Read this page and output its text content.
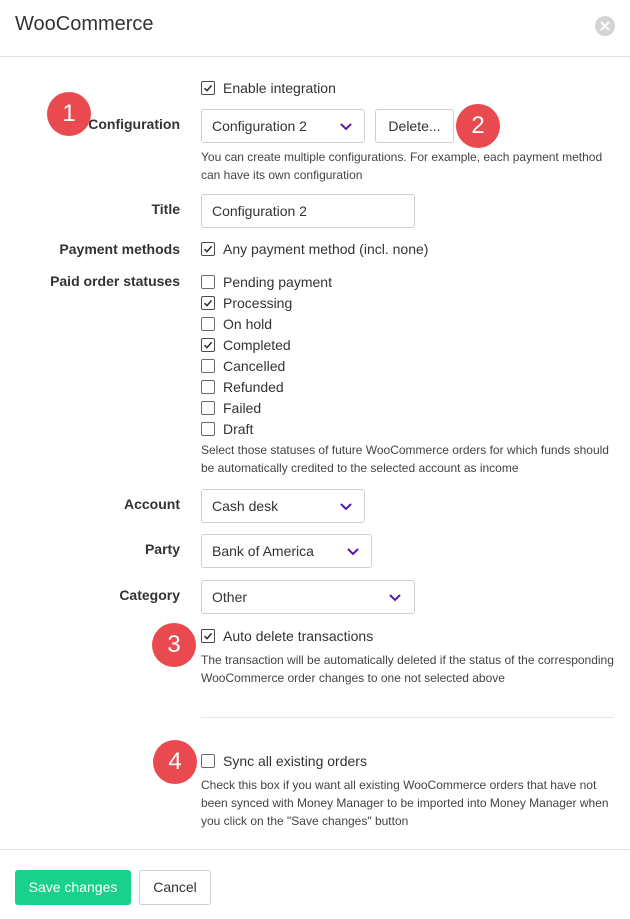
WooCommerce
Enable integration
Configuration	Configuration 2	Delete...
You can create multiple configurations. For example, each payment method can have its own configuration
Title	Configuration 2
Payment methods	Any payment method (incl. none)
Paid order statuses	Pending payment
Processing
On hold
Completed
Cancelled
Refunded
Failed
Draft
Select those statuses of future WooCommerce orders for which funds should be automatically credited to the selected account as income
Account	Cash desk
Party	Bank of America
Category	Other
Auto delete transactions
The transaction will be automatically deleted if the status of the corresponding WooCommerce order changes to one not selected above
Sync all existing orders
Check this box if you want all existing WooCommerce orders that have not been synced with Money Manager to be imported into Money Manager when you click on the "Save changes" button
1	2
3
4
Save changes	Cancel
